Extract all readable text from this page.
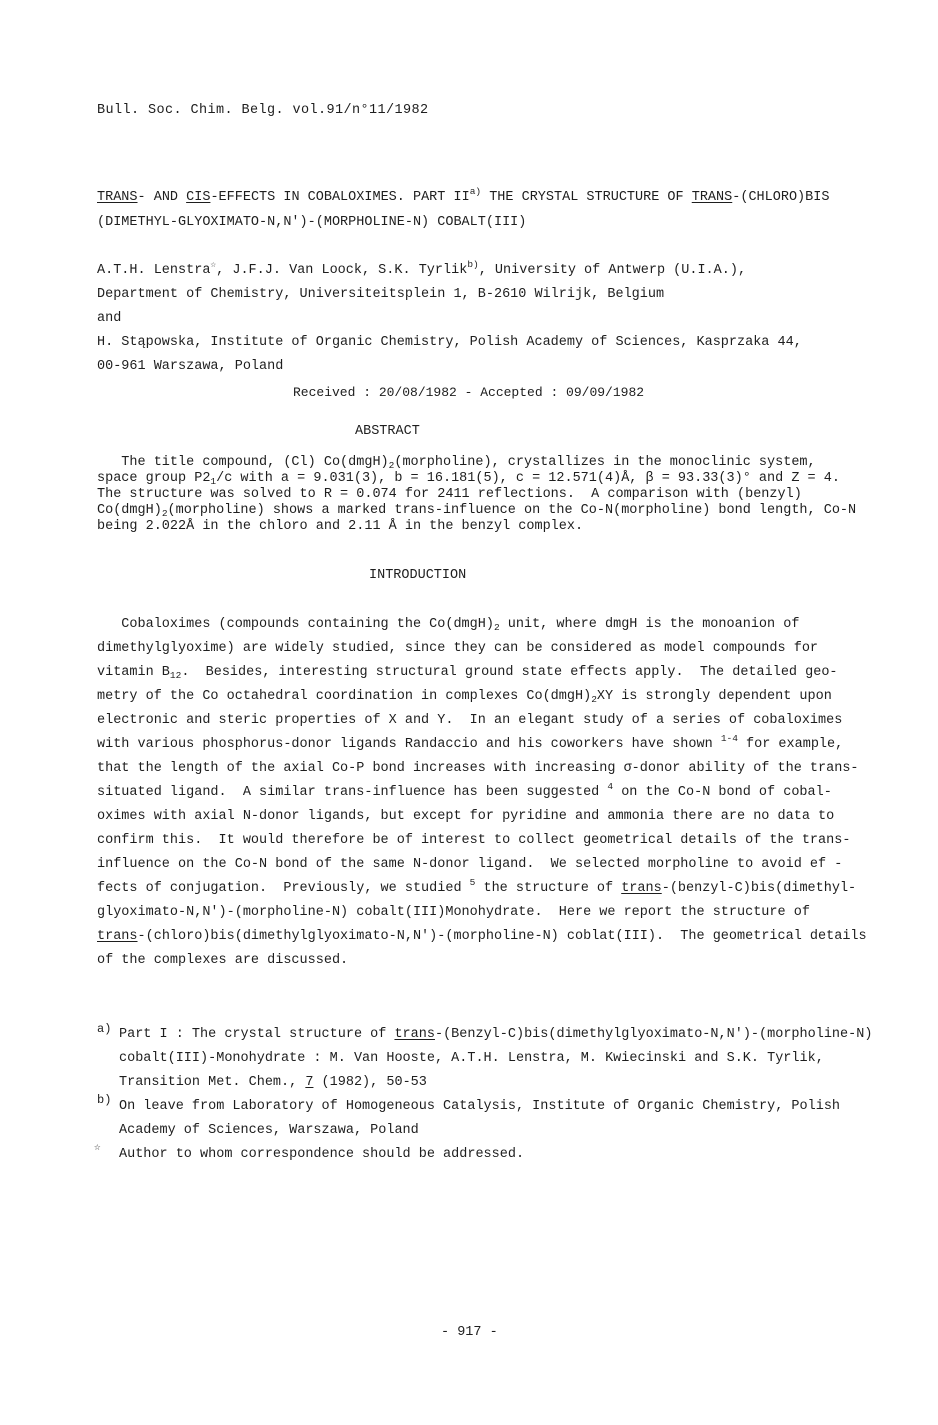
Bull. Soc. Chim. Belg. vol.91/n°11/1982
TRANS- AND CIS-EFFECTS IN COBALOXIMES. PART II$^{a)}$ THE CRYSTAL STRUCTURE OF TRANS-(CHLORO)BIS
(DIMETHYL-GLYOXIMATO-N,N')-(MORPHOLINE-N) COBALT(III)
A.T.H. Lenstra☆, J.F.J. Van Loock, S.K. Tyrlik$^{b)}$, University of Antwerp (U.I.A.),
Department of Chemistry, Universiteitsplein 1, B-2610 Wilrijk, Belgium
and
H. Stąpowska, Institute of Organic Chemistry, Polish Academy of Sciences, Kasprzaka 44,
00-961 Warszawa, Poland
Received : 20/08/1982 - Accepted : 09/09/1982
ABSTRACT
The title compound, (Cl) $Co(dmgH)_2(morpholine)$, crystallizes in the monoclinic system,
space group $P2_1/c$ with a = 9.031(3), b = 16.181(5), c = 12.571(4)Å, β = 93.33(3)° and Z = 4.
The structure was solved to R = 0.074 for 2411 reflections.  A comparison with (benzyl)
$Co(dmgH)_2(morpholine)$ shows a marked trans-influence on the Co-N(morpholine) bond length, Co-N
being 2.022Å in the chloro and 2.11 Å in the benzyl complex.
INTRODUCTION
Cobaloximes (compounds containing the $Co(dmgH)_2$ unit, where dmgH is the monoanion of
dimethylglyoxime) are widely studied, since they can be considered as model compounds for
vitamin $B_{12}$.  Besides, interesting structural ground state effects apply.  The detailed geo-
metry of the Co octahedral coordination in complexes $Co(dmgH)_2XY$ is strongly dependent upon
electronic and steric properties of X and Y.  In an elegant study of a series of cobaloximes
with various phosphorus-donor ligands Randaccio and his coworkers have shown $^{1-4}$ for example,
that the length of the axial Co-P bond increases with increasing σ-donor ability of the trans-
situated ligand.  A similar trans-influence has been suggested $^4$ on the Co-N bond of cobal-
oximes with axial N-donor ligands, but except for pyridine and ammonia there are no data to
confirm this.  It would therefore be of interest to collect geometrical details of the trans-
influence on the Co-N bond of the same N-donor ligand.  We selected morpholine to avoid ef -
fects of conjugation.  Previously, we studied $^5$ the structure of trans-(benzyl-C)bis(dimethyl-
glyoximato-N,N')-(morpholine-N) cobalt(III)Monohydrate.  Here we report the structure of
trans-(chloro)bis(dimethylglyoximato-N,N')-(morpholine-N) coblat(III).  The geometrical details
of the complexes are discussed.
a) Part I : The crystal structure of trans-(Benzyl-C)bis(dimethylglyoximato-N,N')-(morpholine-N)
cobalt(III)-Monohydrate : M. Van Hooste, A.T.H. Lenstra, M. Kwiecinski and S.K. Tyrlik,
Transition Met. Chem., 7 (1982), 50-53
b) On leave from Laboratory of Homogeneous Catalysis, Institute of Organic Chemistry, Polish
Academy of Sciences, Warszawa, Poland
☆ Author to whom correspondence should be addressed.
- 917 -
